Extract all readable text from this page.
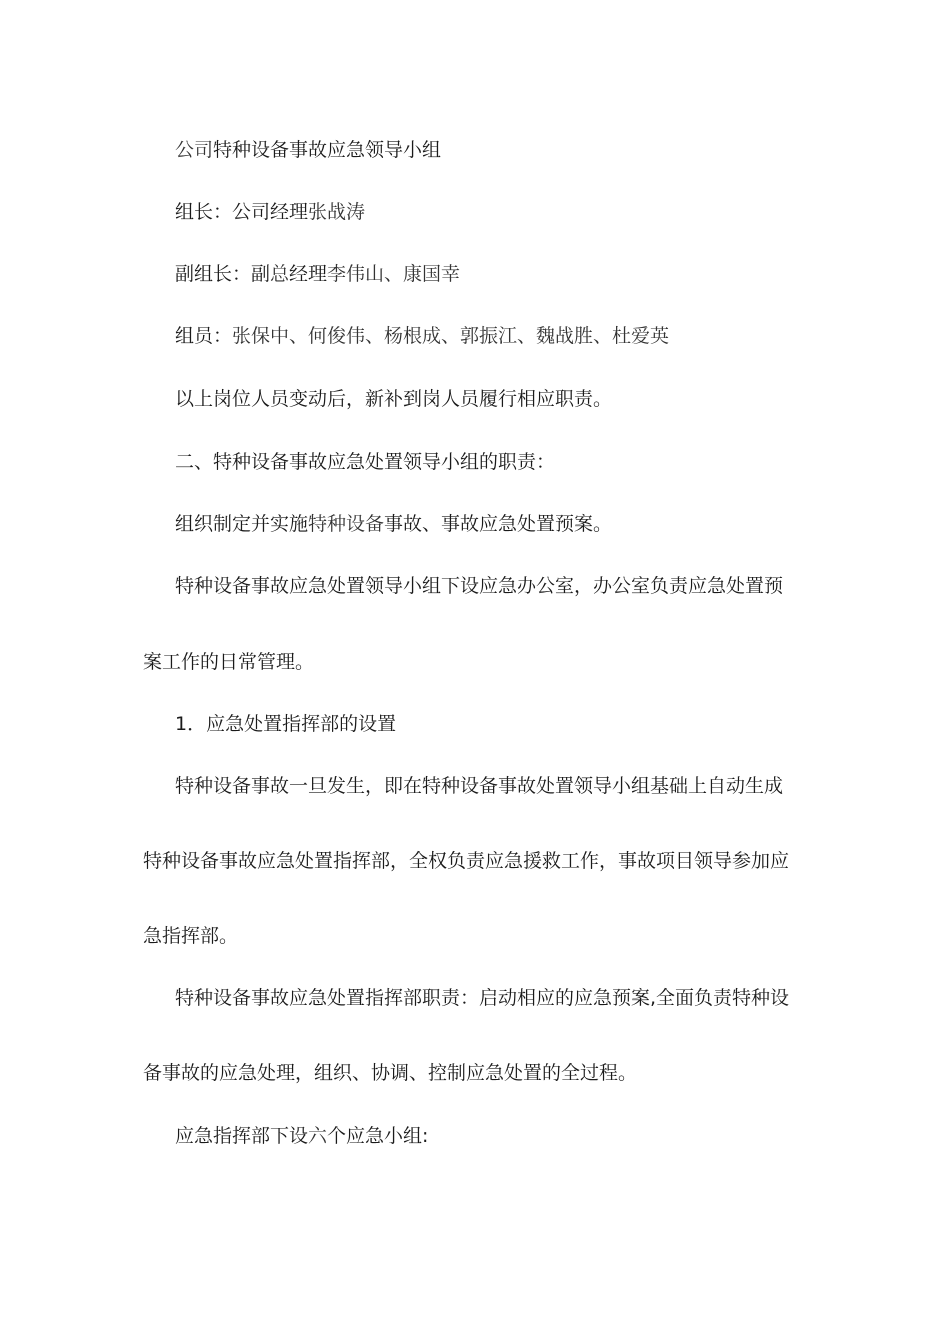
公司特种设备事故应急领导小组
组长：公司经理张战涛
副组长：副总经理李伟山、康国幸
组员：张保中、何俊伟、杨根成、郭振江、魏战胜、杜爱英
以上岗位人员变动后，新补到岗人员履行相应职责。
二、特种设备事故应急处置领导小组的职责：
组织制定并实施特种设备事故、事故应急处置预案。
特种设备事故应急处置领导小组下设应急办公室，办公室负责应急处置预
案工作的日常管理。
1．应急处置指挥部的设置
特种设备事故一旦发生，即在特种设备事故处置领导小组基础上自动生成
特种设备事故应急处置指挥部，全权负责应急援救工作，事故项目领导参加应
急指挥部。
特种设备事故应急处置指挥部职责：启动相应的应急预案,全面负责特种设
备事故的应急处理，组织、协调、控制应急处置的全过程。
应急指挥部下设六个应急小组:
